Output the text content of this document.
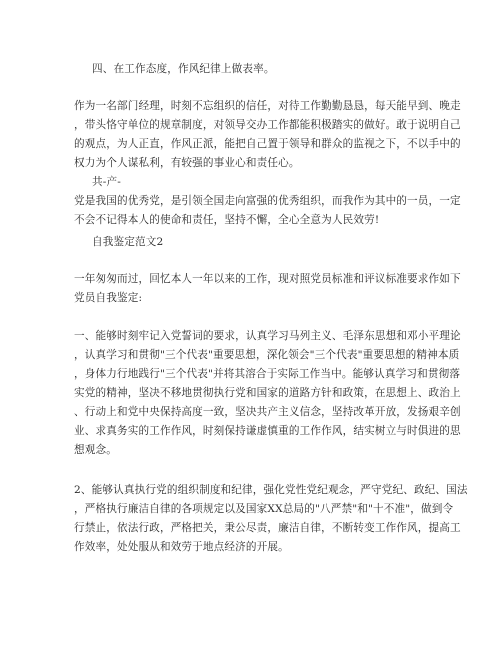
四、在工作态度，作风纪律上做表率。
作为一名部门经理，时刻不忘组织的信任，对待工作勤勤恳恳，每天能早到、晚走
，带头恪守单位的规章制度，对领导交办工作都能积极踏实的做好。敢于说明自己
的观点，为人正直，作风正派，能把自己置于领导和群众的监视之下，不以手中的
权力为个人谋私利，有较强的事业心和责任心。
共-产-
党是我国的优秀党，是引领全国走向富强的优秀组织，而我作为其中的一员，一定
不会不记得本人的使命和责任，坚持不懈，全心全意为人民效劳!
自我鉴定范文2
一年匆匆而过，回忆本人一年以来的工作，现对照党员标准和评议标准要求作如下
党员自我鉴定:
一、能够时刻牢记入党誓词的要求，认真学习马列主义、毛泽东思想和邓小平理论
，认真学习和贯彻"三个代表"重要思想，深化领会"三个代表"重要思想的精神本质
，身体力行地践行"三个代表"并将其溶合于实际工作当中。能够认真学习和贯彻落
实党的精神，坚决不移地贯彻执行党和国家的道路方针和政策，在思想上、政治上
、行动上和党中央保持高度一致，坚决共产主义信念，坚持改革开放，发扬艰辛创
业、求真务实的工作作风，时刻保持谦虚慎重的工作作风，结实树立与时俱进的思
想观念。
2、能够认真执行党的组织制度和纪律，强化党性党纪观念，严守党纪、政纪、国法
，严格执行廉洁自律的各项规定以及国家XX总局的"八严禁"和"十不准"，做到令
行禁止，依法行政，严格把关，秉公尽责，廉洁自律，不断转变工作作风，提高工
作效率，处处服从和效劳于地点经济的开展。
